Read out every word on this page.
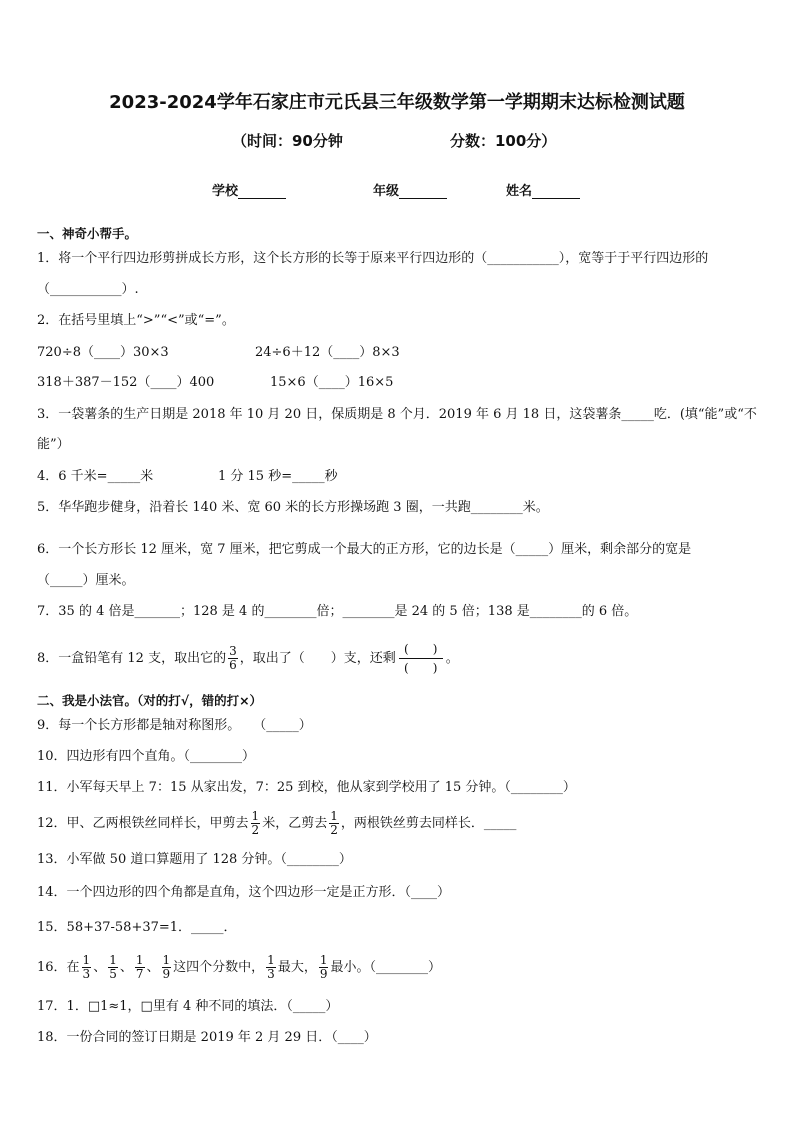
2023-2024学年石家庄市元氏县三年级数学第一学期期末达标检测试题
（时间：90分钟	分数：100分）
学校	年级	姓名
一、神奇小帮手。
1．将一个平行四边形剪拼成长方形，这个长方形的长等于原来平行四边形的（___________），宽等于于平行四边形的
（___________）.
2．在括号里填上“>”“<”或“=”。
720÷8（____）30×3	24÷6＋12（____）8×3
318＋387－152（____）400	15×6（____）16×5
3．一袋薯条的生产日期是 2018 年 10 月 20 日，保质期是 8 个月．2019 年 6 月 18 日，这袋薯条_____吃．(填“能”或“不
能”）
4．6 千米=_____米	1 分 15 秒=_____秒
5．华华跑步健身，沿着长 140 米、宽 60 米的长方形操场跑 3 圈，一共跑________米。
6．一个长方形长 12 厘米，宽 7 厘米，把它剪成一个最大的正方形，它的边长是（_____）厘米，剩余部分的宽是
（_____）厘米。
7．35 的 4 倍是_______；128 是 4 的________倍；________是 24 的 5 倍；138 是________的 6 倍。
8．一盒铅笔有 12 支，取出它的 $\frac{3}{6}$ ，取出了（　　）支，还剩
(　　)
(　　)
。
二、我是小法官。（对的打√，错的打×）
9．每一个长方形都是轴对称图形。　　（_____）
10．四边形有四个直角。（________）
11．小军每天早上 7：15 从家出发，7：25 到校，他从家到学校用了 15 分钟。（________）
12．甲、乙两根铁丝同样长，甲剪去 $\frac{1}{2}$ 米，乙剪去 $\frac{1}{2}$ ，两根铁丝剪去同样长．_____
13．小军做 50 道口算题用了 128 分钟。（________）
14．一个四边形的四个角都是直角，这个四边形一定是正方形．（____）
15．58+37-58+37=1．_____．
16．在 $\frac{1}{3}$ 、 $\frac{1}{5}$ 、 $\frac{1}{7}$ 、 $\frac{1}{9}$ 这四个分数中， $\frac{1}{3}$ 最大， $\frac{1}{9}$ 最小。（________）
17．1．□1≈1，□里有 4 种不同的填法．（_____）
18．一份合同的签订日期是 2019 年 2 月 29 日．（____）
